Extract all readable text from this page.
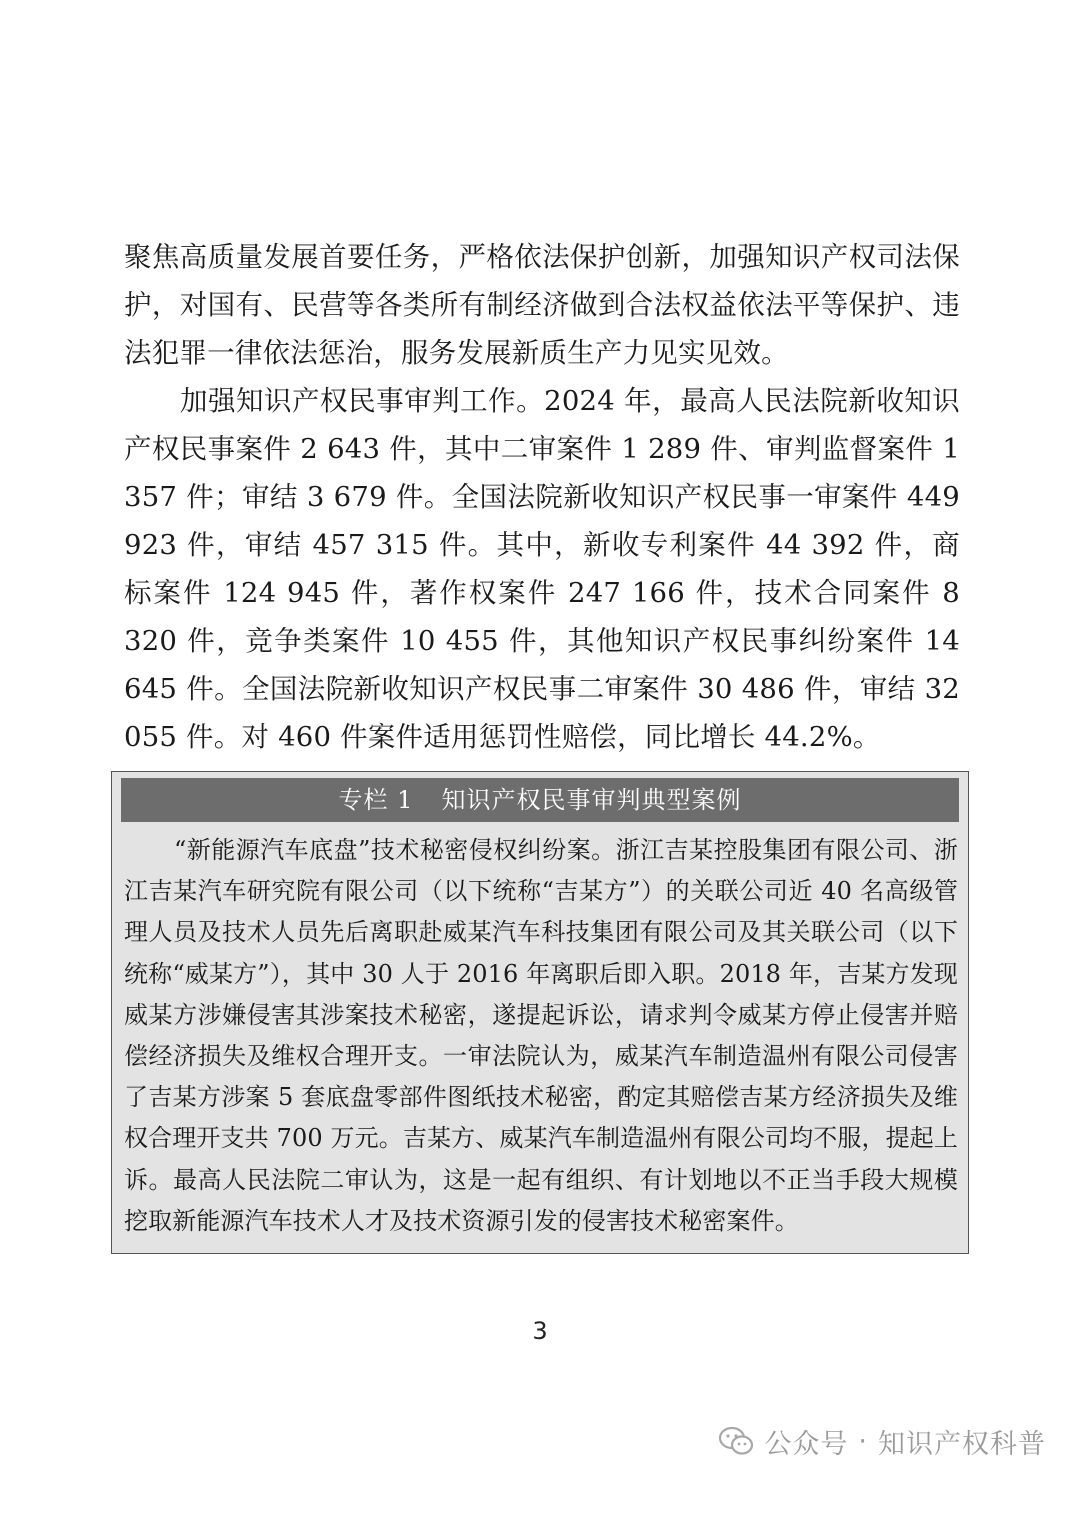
聚焦高质量发展首要任务，严格依法保护创新，加强知识产权司法保护，对国有、民营等各类所有制经济做到合法权益依法平等保护、违法犯罪一律依法惩治，服务发展新质生产力见实见效。

加强知识产权民事审判工作。2024 年，最高人民法院新收知识产权民事案件 2 643 件，其中二审案件 1 289 件、审判监督案件 1 357 件；审结 3 679 件。全国法院新收知识产权民事一审案件 449 923 件，审结 457 315 件。其中，新收专利案件 44 392 件，商标案件 124 945 件，著作权案件 247 166 件，技术合同案件 8 320 件，竞争类案件 10 455 件，其他知识产权民事纠纷案件 14 645 件。全国法院新收知识产权民事二审案件 30 486 件，审结 32 055 件。对 460 件案件适用惩罚性赔偿，同比增长 44.2%。

专栏 1 知识产权民事审判典型案例

“新能源汽车底盘”技术秘密侵权纠纷案。浙江吉某控股集团有限公司、浙江吉某汽车研究院有限公司（以下统称“吉某方”）的关联公司近 40 名高级管理人员及技术人员先后离职赴威某汽车科技集团有限公司及其关联公司（以下统称“威某方”），其中 30 人于 2016 年离职后即入职。2018 年，吉某方发现威某方涉嫌侵害其涉案技术秘密，遂提起诉讼，请求判令威某方停止侵害并赔偿经济损失及维权合理开支。一审法院认为，威某汽车制造温州有限公司侵害了吉某方涉案 5 套底盘零部件图纸技术秘密，酌定其赔偿吉某方经济损失及维权合理开支共 700 万元。吉某方、威某汽车制造温州有限公司均不服，提起上诉。最高人民法院二审认为，这是一起有组织、有计划地以不正当手段大规模挖取新能源汽车技术人才及技术资源引发的侵害技术秘密案件。

3
公众号 · 知识产权科普
